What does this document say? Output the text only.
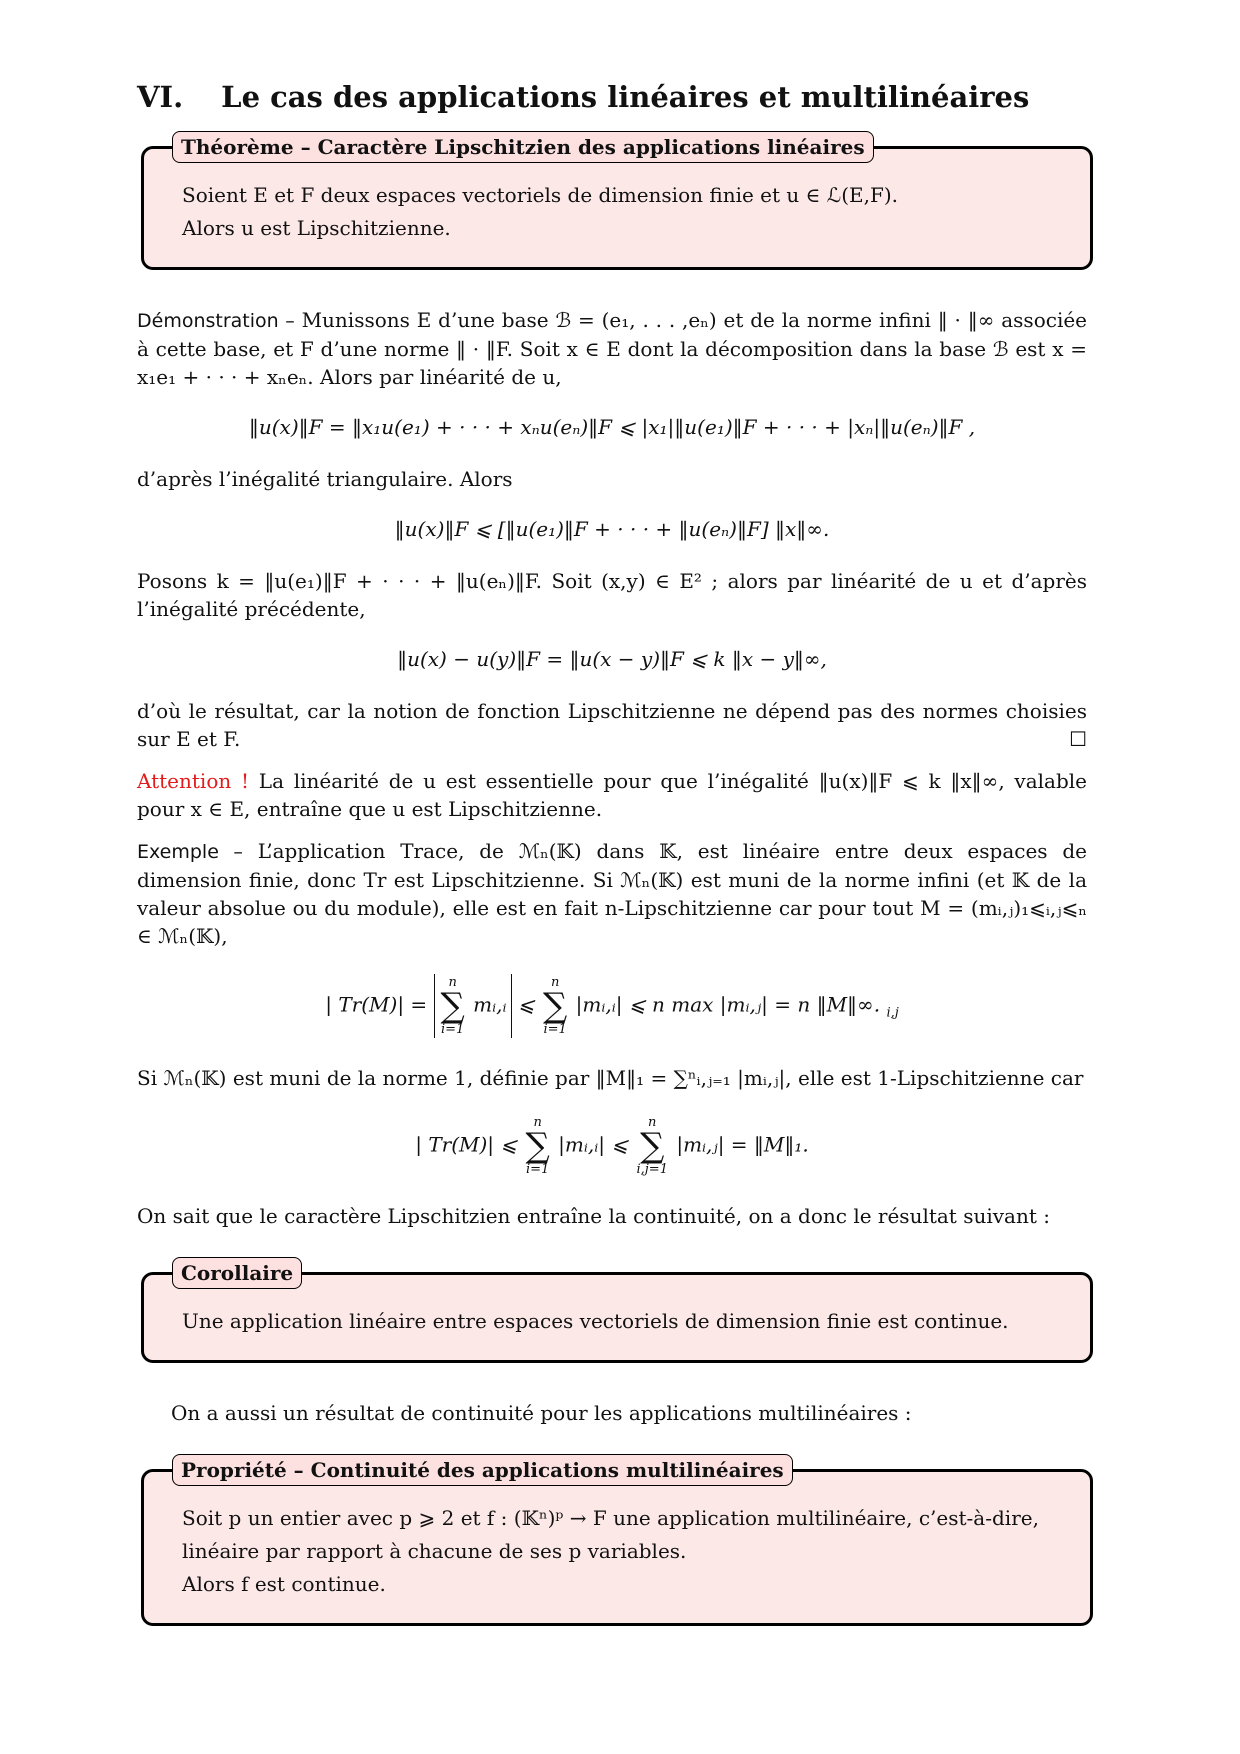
VI. Le cas des applications linéaires et multilinéaires
Théorème – Caractère Lipschitzien des applications linéaires
Soient E et F deux espaces vectoriels de dimension finie et u ∈ ℒ(E,F).
Alors u est Lipschitzienne.

Démonstration – Munissons E d’une base ℬ = (e₁, . . . ,eₙ) et de la norme infini ‖ · ‖∞ associée à cette base, et F d’une norme ‖ · ‖F. Soit x ∈ E dont la décomposition dans la base ℬ est x = x₁e₁ + · · · + xₙeₙ. Alors par linéarité de u,

‖u(x)‖F = ‖x₁u(e₁) + · · · + xₙu(eₙ)‖F ⩽ |x₁|‖u(e₁)‖F + · · · + |xₙ|‖u(eₙ)‖F ,

d’après l’inégalité triangulaire. Alors

‖u(x)‖F ⩽ [‖u(e₁)‖F + · · · + ‖u(eₙ)‖F] ‖x‖∞.

Posons k = ‖u(e₁)‖F + · · · + ‖u(eₙ)‖F. Soit (x,y) ∈ E² ; alors par linéarité de u et d’après l’inégalité précédente,

‖u(x) − u(y)‖F = ‖u(x − y)‖F ⩽ k ‖x − y‖∞,

d’où le résultat, car la notion de fonction Lipschitzienne ne dépend pas des normes choisies sur E et F.	☐

Attention ! La linéarité de u est essentielle pour que l’inégalité ‖u(x)‖F ⩽ k ‖x‖∞, valable pour x ∈ E, entraîne que u est Lipschitzienne.

Exemple – L’application Trace, de ℳₙ(𝕂) dans 𝕂, est linéaire entre deux espaces de dimension finie, donc Tr est Lipschitzienne. Si ℳₙ(𝕂) est muni de la norme infini (et 𝕂 de la valeur absolue ou du module), elle est en fait n-Lipschitzienne car pour tout M = (mᵢ,ⱼ)₁⩽ᵢ,ⱼ⩽ₙ ∈ ℳₙ(𝕂),

| Tr(M)| =
n
∑
i=1
mᵢ,ᵢ ⩽
n
∑
i=1
|mᵢ,ᵢ| ⩽ n max |mᵢ,ⱼ| = n ‖M‖∞. $_{i,j}$

Si ℳₙ(𝕂) est muni de la norme 1, définie par ‖M‖₁ = ∑ⁿᵢ,ⱼ₌₁ |mᵢ,ⱼ|, elle est 1-Lipschitzienne car

| Tr(M)| ⩽
n
∑
i=1
|mᵢ,ᵢ| ⩽
n
∑
i,j=1
|mᵢ,ⱼ| = ‖M‖₁.

On sait que le caractère Lipschitzien entraîne la continuité, on a donc le résultat suivant :

Corollaire
Une application linéaire entre espaces vectoriels de dimension finie est continue.

On a aussi un résultat de continuité pour les applications multilinéaires :

Propriété – Continuité des applications multilinéaires
Soit p un entier avec p ⩾ 2 et f : (𝕂ⁿ)ᵖ → F une application multilinéaire, c’est-à-dire,
linéaire par rapport à chacune de ses p variables.
Alors f est continue.
